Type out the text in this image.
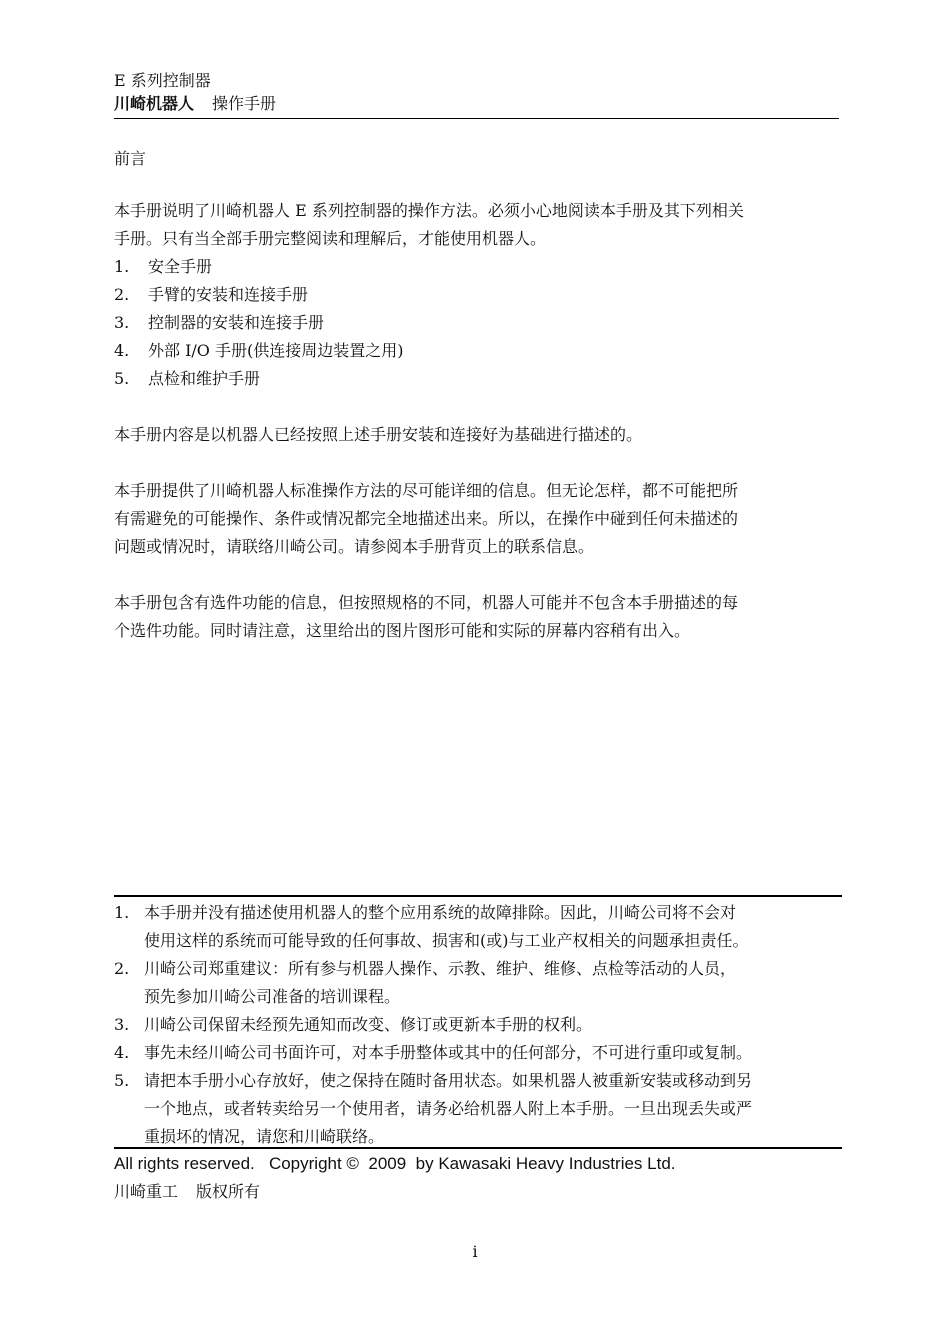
E 系列控制器
川崎机器人 操作手册

前言

本手册说明了川崎机器人 E 系列控制器的操作方法。必须小心地阅读本手册及其下列相关

手册。只有当全部手册完整阅读和理解后，才能使用机器人。

1. 安全手册
2. 手臂的安装和连接手册
3. 控制器的安装和连接手册
4. 外部 I/O 手册(供连接周边装置之用)
5. 点检和维护手册

本手册内容是以机器人已经按照上述手册安装和连接好为基础进行描述的。

本手册提供了川崎机器人标准操作方法的尽可能详细的信息。但无论怎样，都不可能把所

有需避免的可能操作、条件或情况都完全地描述出来。所以，在操作中碰到任何未描述的

问题或情况时，请联络川崎公司。请参阅本手册背页上的联系信息。

本手册包含有选件功能的信息，但按照规格的不同，机器人可能并不包含本手册描述的每

个选件功能。同时请注意，这里给出的图片图形可能和实际的屏幕内容稍有出入。

1. 本手册并没有描述使用机器人的整个应用系统的故障排除。因此，川崎公司将不会对
使用这样的系统而可能导致的任何事故、损害和(或)与工业产权相关的问题承担责任。
2. 川崎公司郑重建议：所有参与机器人操作、示教、维护、维修、点检等活动的人员，
预先参加川崎公司准备的培训课程。
3. 川崎公司保留未经预先通知而改变、修订或更新本手册的权利。
4. 事先未经川崎公司书面许可，对本手册整体或其中的任何部分，不可进行重印或复制。
5. 请把本手册小心存放好，使之保持在随时备用状态。如果机器人被重新安装或移动到另
一个地点，或者转卖给另一个使用者，请务必给机器人附上本手册。一旦出现丢失或严
重损坏的情况，请您和川崎联络。
All rights reserved.   Copyright ©  2009  by Kawasaki Heavy Industries Ltd.
川崎重工 版权所有
i
